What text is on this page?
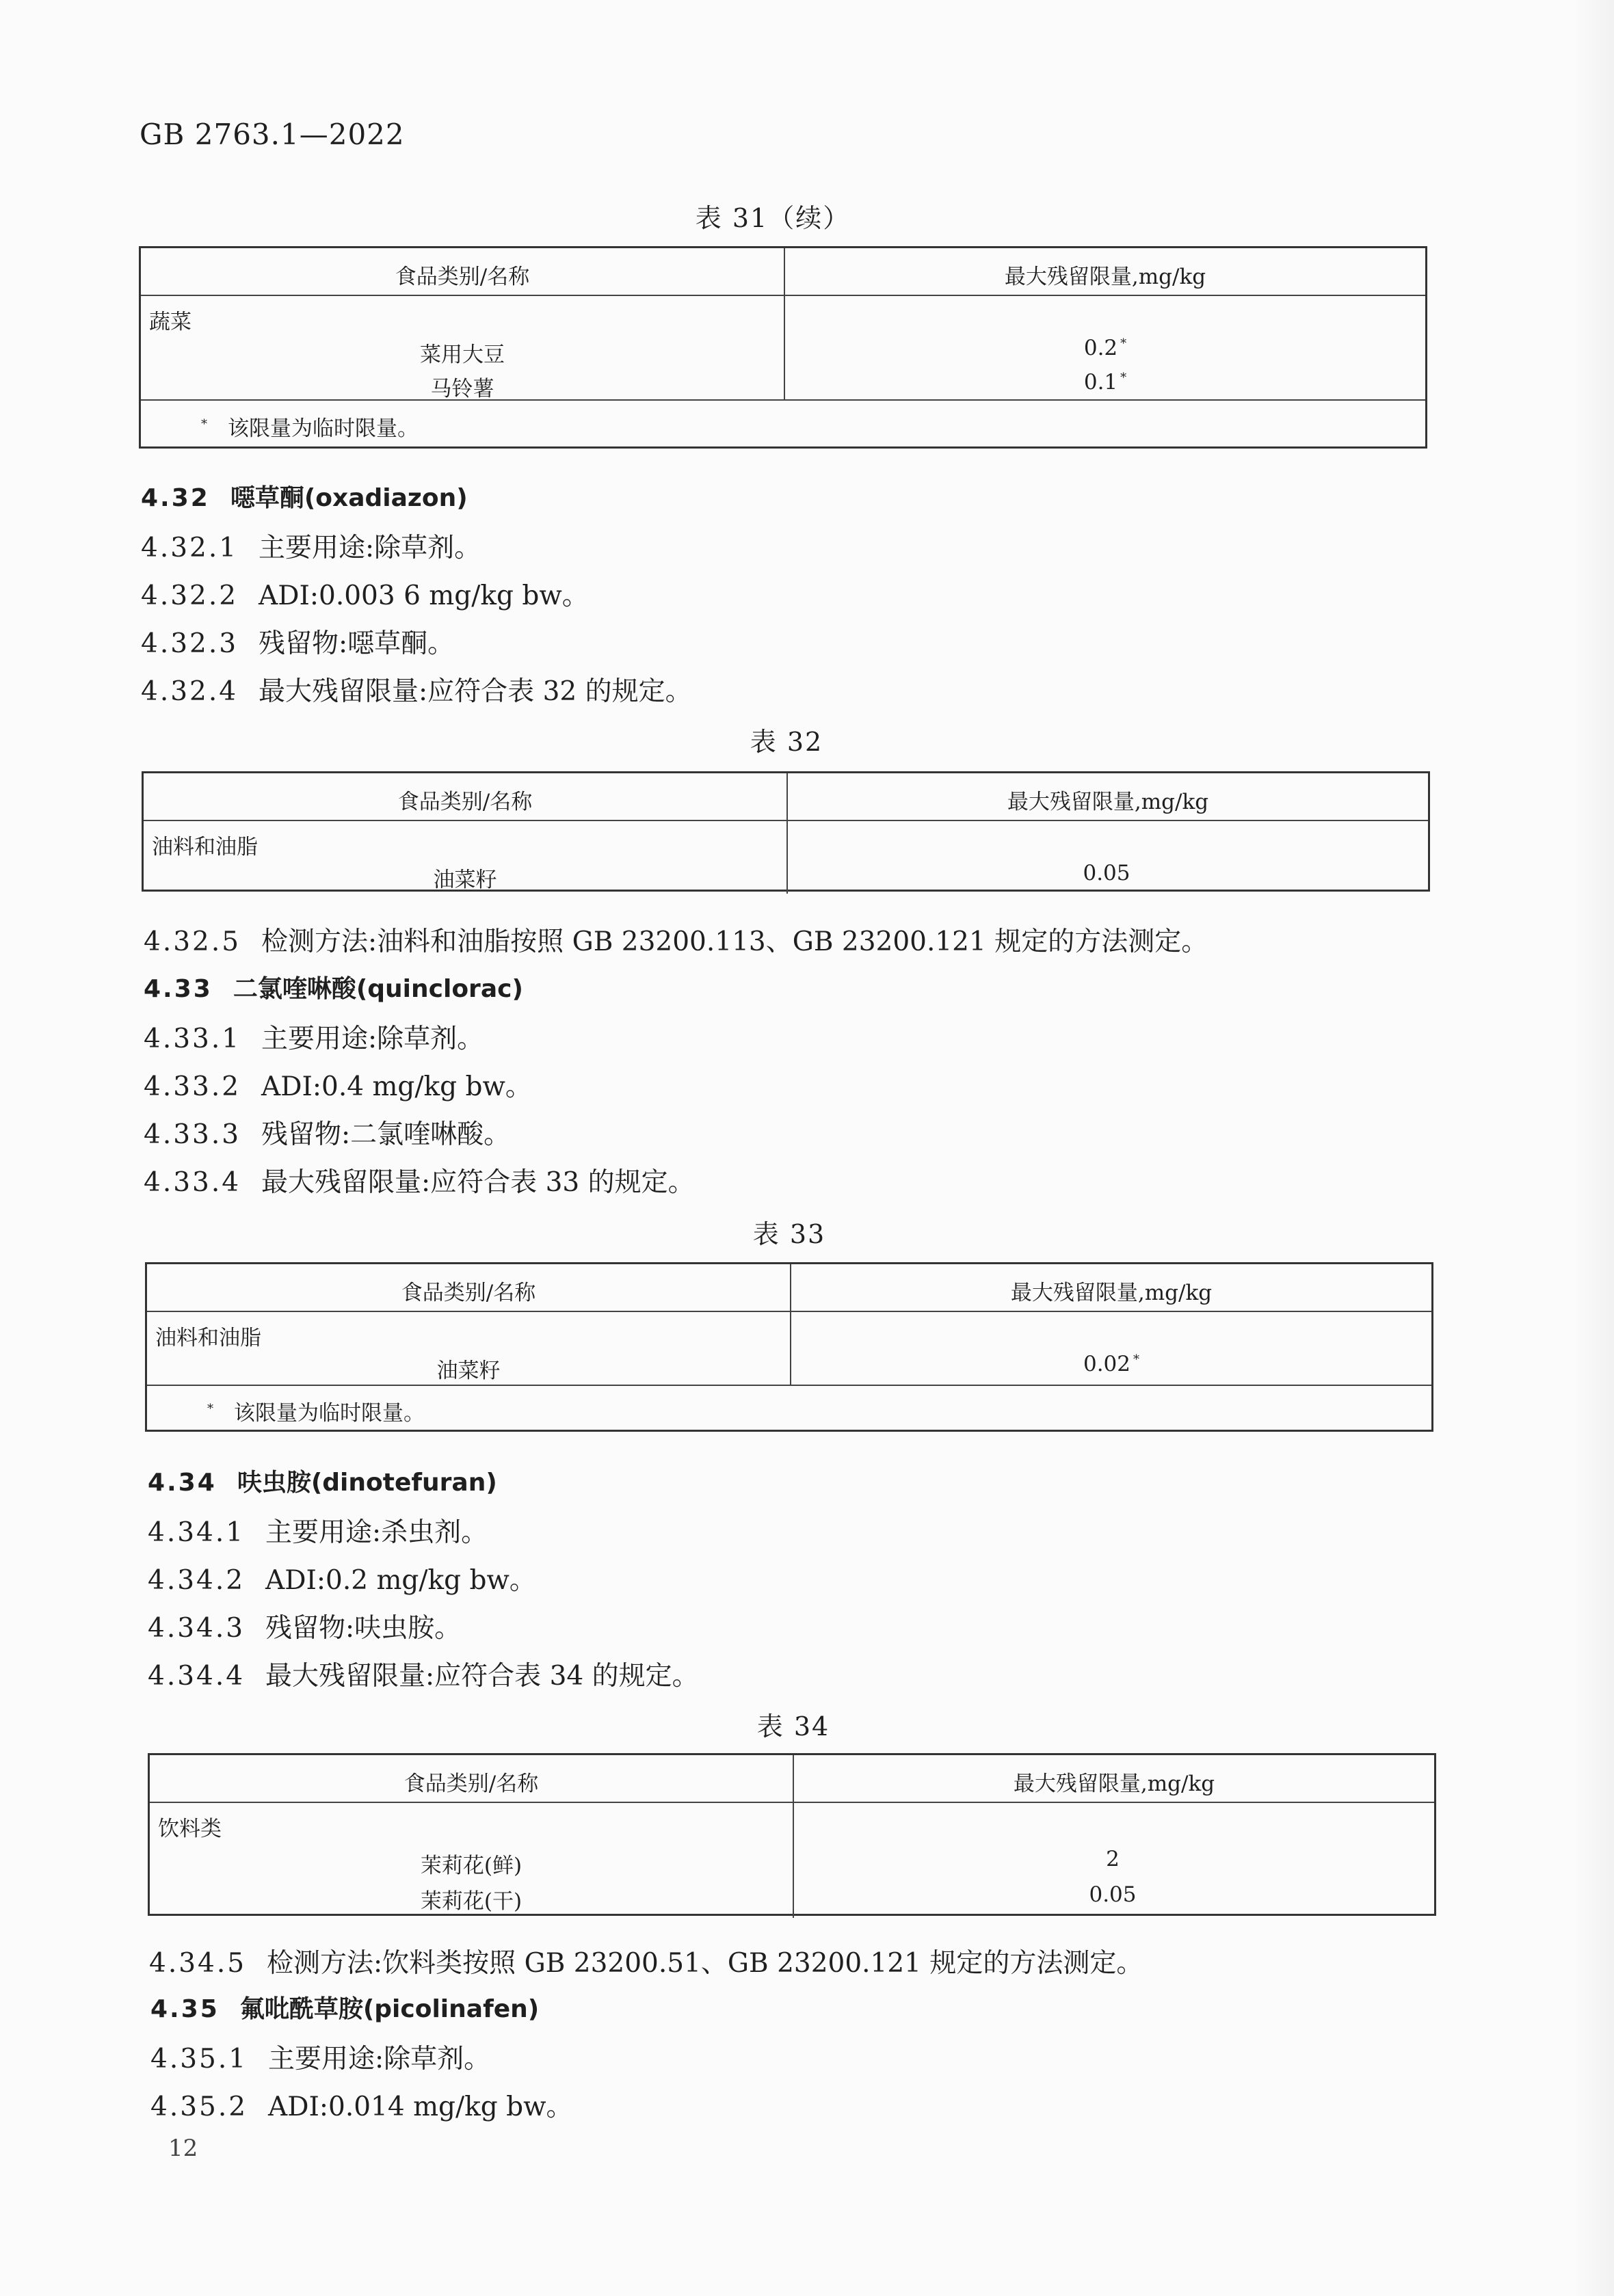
GB 2763.1—2022
表 31（续）
食品类别/名称	最大残留限量,mg/kg
蔬菜
菜用大豆	0.2 *
马铃薯	0.1 *
* 该限量为临时限量。
4.32 噁草酮(oxadiazon)
4.32.1 主要用途:除草剂。
4.32.2 ADI:0.003 6 mg/kg bw。
4.32.3 残留物:噁草酮。
4.32.4 最大残留限量:应符合表 32 的规定。
表 32
食品类别/名称	最大残留限量,mg/kg
油料和油脂
油菜籽	0.05
4.32.5 检测方法:油料和油脂按照 GB 23200.113、GB 23200.121 规定的方法测定。
4.33 二氯喹啉酸(quinclorac)
4.33.1 主要用途:除草剂。
4.33.2 ADI:0.4 mg/kg bw。
4.33.3 残留物:二氯喹啉酸。
4.33.4 最大残留限量:应符合表 33 的规定。
表 33
食品类别/名称	最大残留限量,mg/kg
油料和油脂
油菜籽	0.02 *
* 该限量为临时限量。
4.34 呋虫胺(dinotefuran)
4.34.1 主要用途:杀虫剂。
4.34.2 ADI:0.2 mg/kg bw。
4.34.3 残留物:呋虫胺。
4.34.4 最大残留限量:应符合表 34 的规定。
表 34
食品类别/名称	最大残留限量,mg/kg
饮料类
茉莉花(鲜)	2
茉莉花(干)	0.05
4.34.5 检测方法:饮料类按照 GB 23200.51、GB 23200.121 规定的方法测定。
4.35 氟吡酰草胺(picolinafen)
4.35.1 主要用途:除草剂。
4.35.2 ADI:0.014 mg/kg bw。
12
